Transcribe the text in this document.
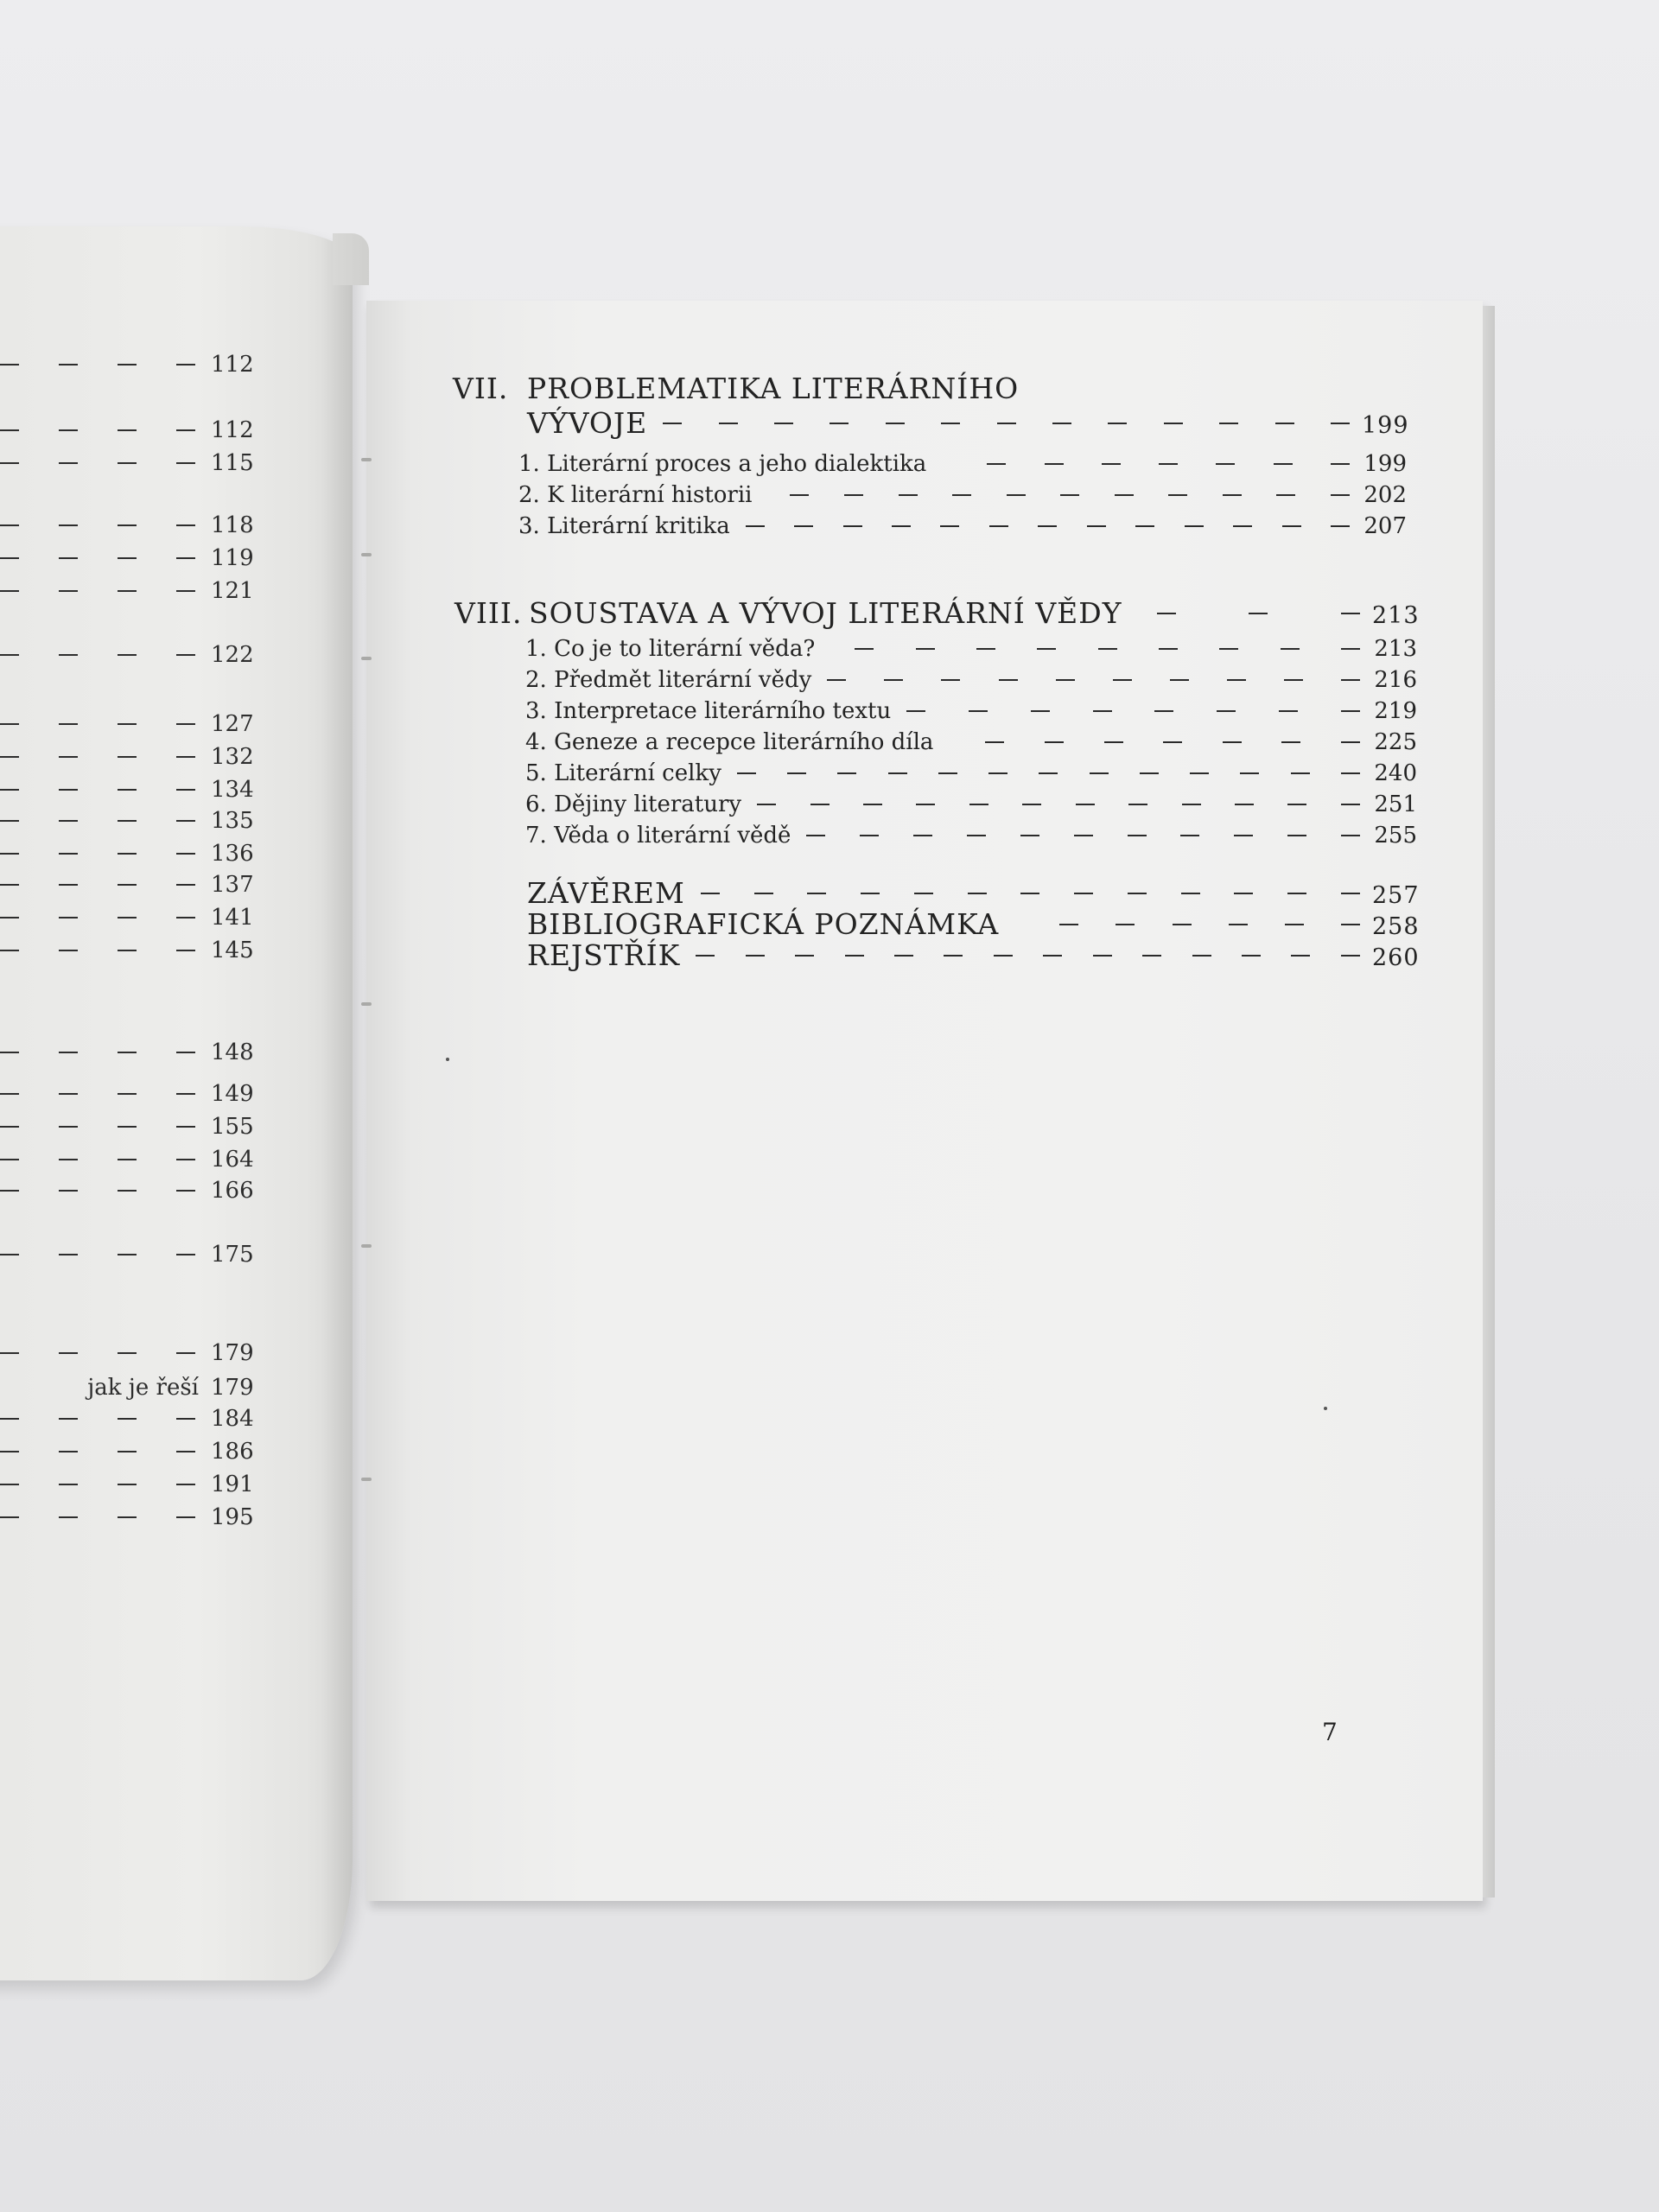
112
112
115
118
119
121
122
127
132
134
135
136
137
141
145
148
149
155
164
166
175
179
jak je řeší 179
184
186
191
195
VII. PROBLEMATIKA LITERÁRNÍHO
VÝVOJE	199
1. Literární proces a jeho dialektika	199
2. K literární historii	202
3. Literární kritika	207
VIII. SOUSTAVA A VÝVOJ LITERÁRNÍ VĚDY	213
1. Co je to literární věda?	213
2. Předmět literární vědy	216
3. Interpretace literárního textu	219
4. Geneze a recepce literárního díla	225
5. Literární celky	240
6. Dějiny literatury	251
7. Věda o literární vědě	255
ZÁVĚREM	257
BIBLIOGRAFICKÁ POZNÁMKA	258
REJSTŘÍK	260
7
